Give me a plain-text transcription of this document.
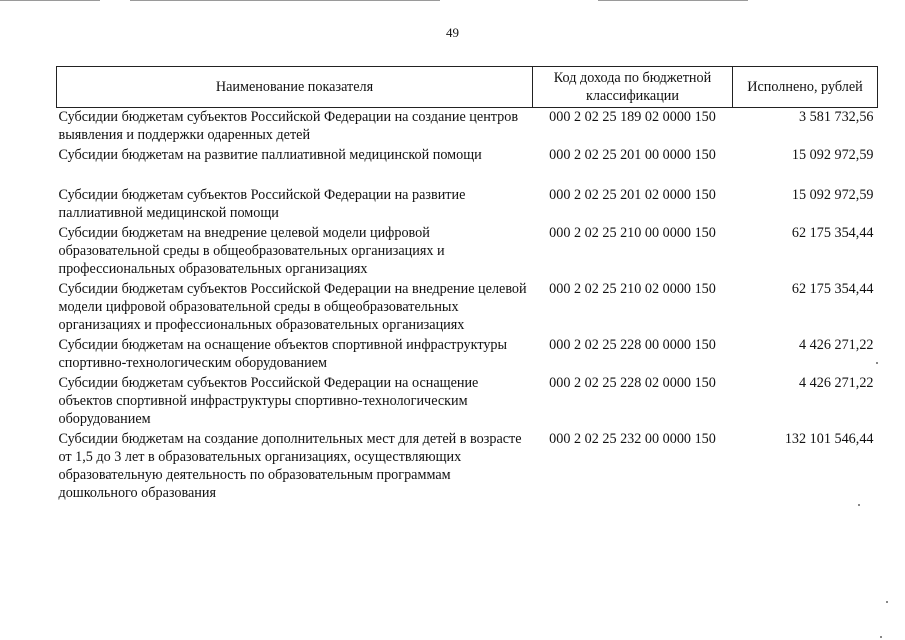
49
Наименование показателя	Код дохода по бюджетной классификации	Исполнено, рублей
Субсидии бюджетам субъектов Российской Федерации на создание центров выявления и поддержки одаренных детей	000 2 02 25 189 02 0000 150	3 581 732,56
Субсидии бюджетам на развитие паллиативной медицинской помощи	000 2 02 25 201 00 0000 150	15 092 972,59
Субсидии бюджетам субъектов Российской Федерации на развитие паллиативной медицинской помощи	000 2 02 25 201 02 0000 150	15 092 972,59
Субсидии бюджетам на внедрение целевой модели цифровой образовательной среды в общеобразовательных организациях и профессиональных образовательных организациях	000 2 02 25 210 00 0000 150	62 175 354,44
Субсидии бюджетам субъектов Российской Федерации на внедрение целевой модели цифровой образовательной среды в общеобразовательных организациях и профессиональных образовательных организациях	000 2 02 25 210 02 0000 150	62 175 354,44
Субсидии бюджетам на оснащение объектов спортивной инфраструктуры спортивно-технологическим оборудованием	000 2 02 25 228 00 0000 150	4 426 271,22
Субсидии бюджетам субъектов Российской Федерации на оснащение объектов спортивной инфраструктуры спортивно-технологическим оборудованием	000 2 02 25 228 02 0000 150	4 426 271,22
Субсидии бюджетам на создание дополнительных мест для детей в возрасте от 1,5 до 3 лет в образовательных организациях, осуществляющих образовательную деятельность по образовательным программам дошкольного образования	000 2 02 25 232 00 0000 150	132 101 546,44
